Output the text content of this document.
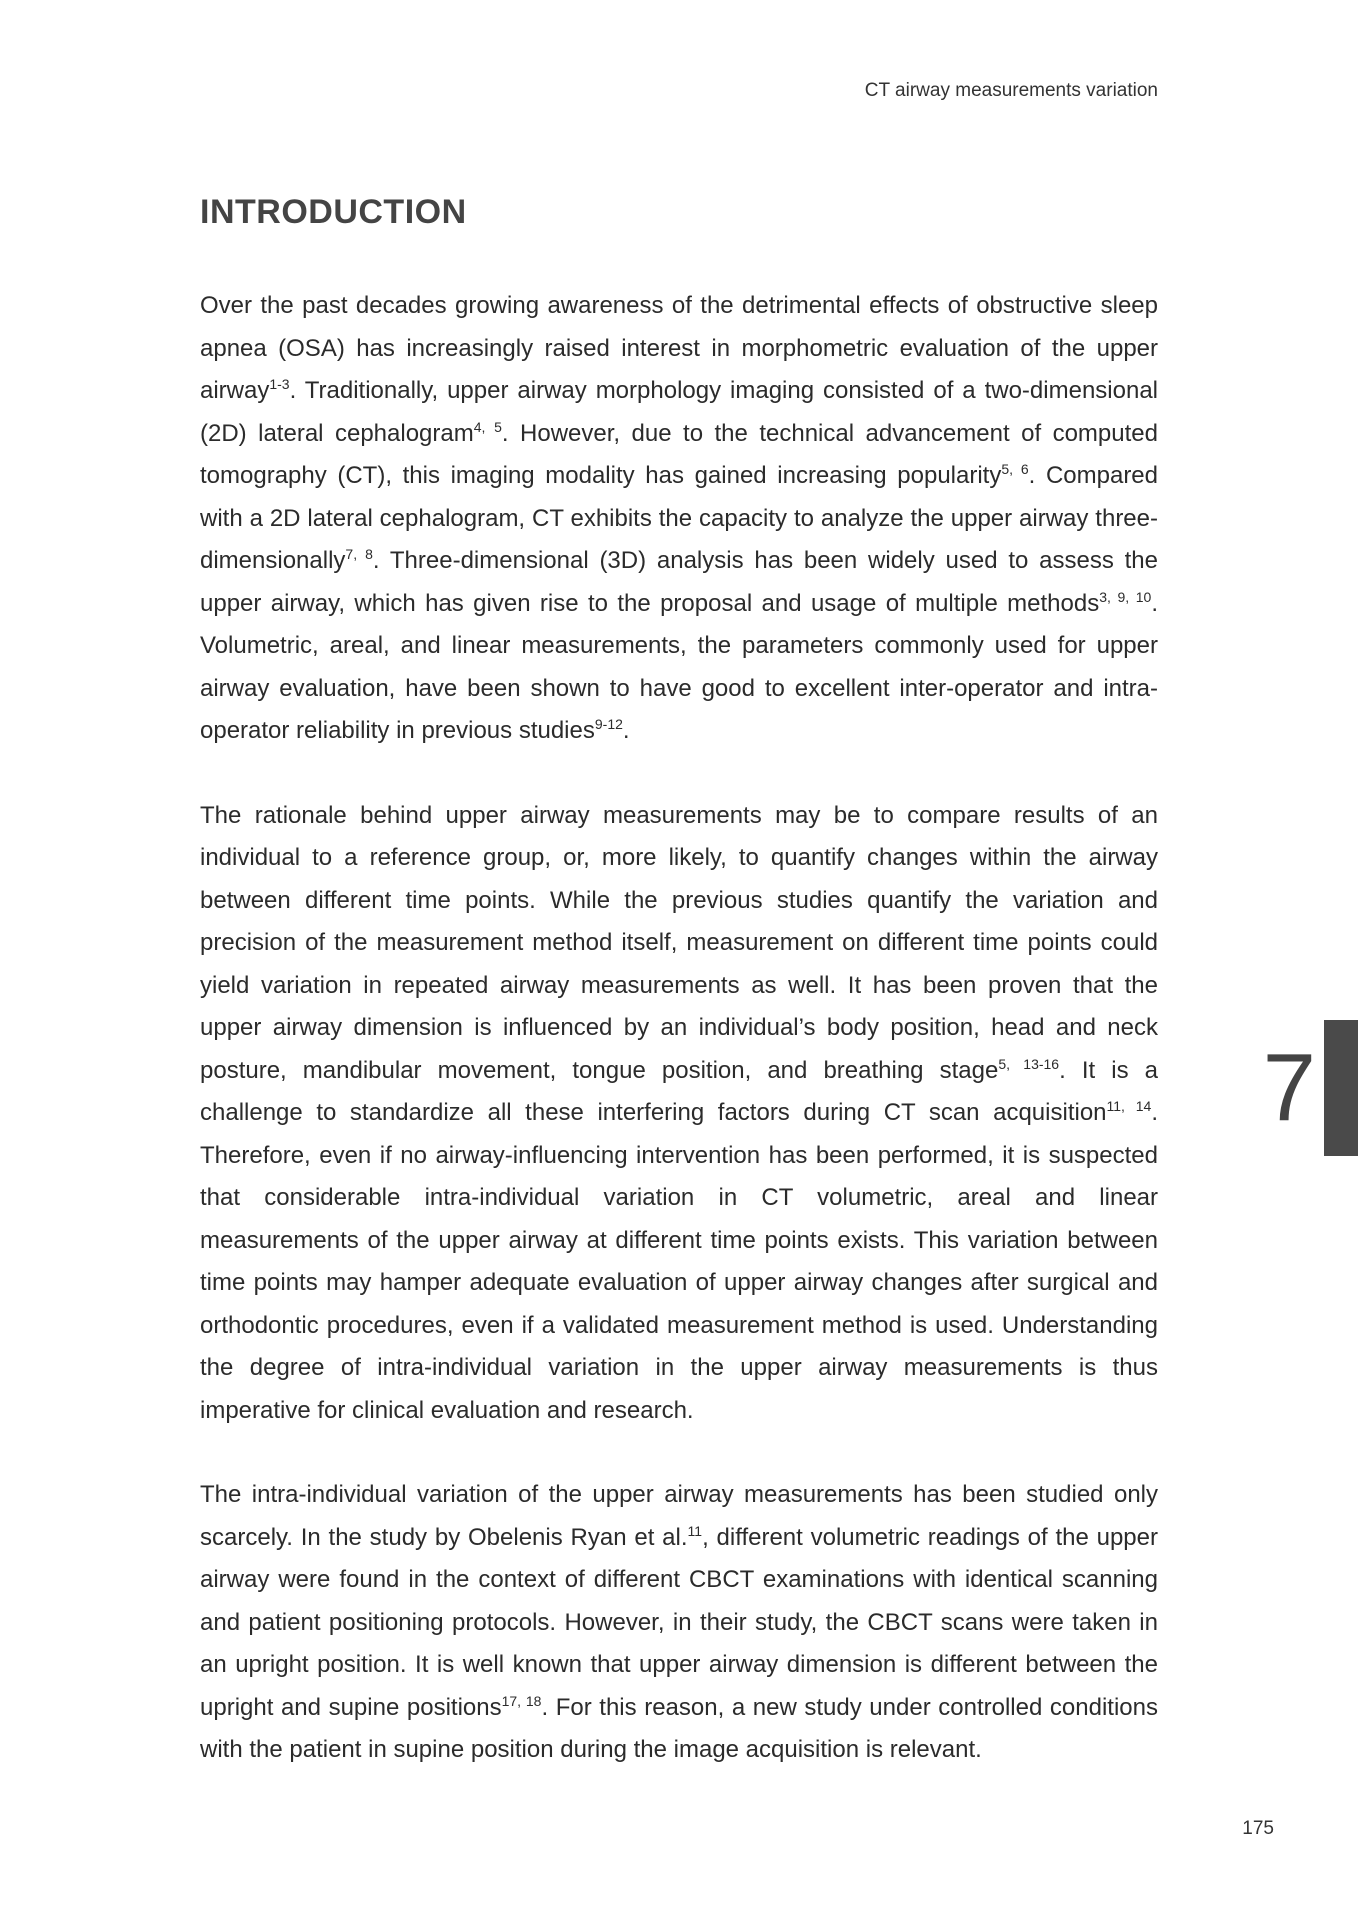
CT airway measurements variation
INTRODUCTION

Over the past decades growing awareness of the detrimental effects of obstructive sleep apnea (OSA) has increasingly raised interest in morphometric evaluation of the upper airway$^{1-3}$. Traditionally, upper airway morphology imaging consisted of a two-dimensional (2D) lateral cephalogram$^{4, 5}$. However, due to the technical advancement of computed tomography (CT), this imaging modality has gained increasing popularity$^{5, 6}$. Compared with a 2D lateral cephalogram, CT exhibits the capacity to analyze the upper airway three-dimensionally$^{7, 8}$. Three-dimensional (3D) analysis has been widely used to assess the upper airway, which has given rise to the proposal and usage of multiple methods$^{3, 9, 10}$. Volumetric, areal, and linear measurements, the parameters commonly used for upper airway evaluation, have been shown to have good to excellent inter-operator and intra-operator reliability in previous studies$^{9-12}$.

The rationale behind upper airway measurements may be to compare results of an individual to a reference group, or, more likely, to quantify changes within the airway between different time points. While the previous studies quantify the variation and precision of the measurement method itself, measurement on different time points could yield variation in repeated airway measurements as well. It has been proven that the upper airway dimension is influenced by an individual’s body position, head and neck posture, mandibular movement, tongue position, and breathing stage$^{5, 13-16}$. It is a challenge to standardize all these interfering factors during CT scan acquisition$^{11, 14}$. Therefore, even if no airway-influencing intervention has been performed, it is suspected that considerable intra-individual variation in CT volumetric, areal and linear measurements of the upper airway at different time points exists. This variation between time points may hamper adequate evaluation of upper airway changes after surgical and orthodontic procedures, even if a validated measurement method is used. Understanding the degree of intra-individual variation in the upper airway measurements is thus imperative for clinical evaluation and research.

The intra-individual variation of the upper airway measurements has been studied only scarcely. In the study by Obelenis Ryan et al.$^{11}$, different volumetric readings of the upper airway were found in the context of different CBCT examinations with identical scanning and patient positioning protocols. However, in their study, the CBCT scans were taken in an upright position. It is well known that upper airway dimension is different between the upright and supine positions$^{17, 18}$. For this reason, a new study under controlled conditions with the patient in supine position during the image acquisition is relevant.

7
175
